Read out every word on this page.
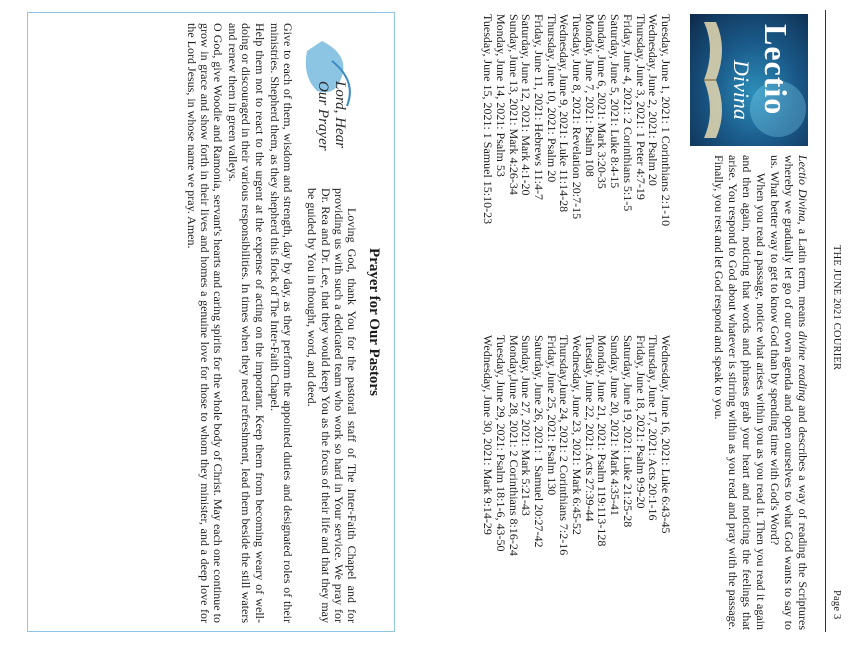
THE JUNE 2021 COURIER
Page 3
Lectio
Divina

Lectio Divina, a Latin term, means divine reading and describes a way of reading the Scriptures whereby we gradually let go of our own agenda and open ourselves to what God wants to say to us. What better way to get to know God than by spending time with God's Word?

When you read a passage, notice what arises within you as you read it. Then you read it again and then again, noticing that words and phrases grab your heart and noticing the feelings that arise. You respond to God about whatever is stirring within as you read and pray with the passage. Finally, you rest and let God respond and speak to you.

Tuesday, June 1, 2021: 1 Corinthians 2:1-10
Wednesday, June 2, 2021: Psalm 20
Thursday, June 3, 2021: 1 Peter 4:7-19
Friday, June 4, 2021: 2 Corinthians 5:1-5
Saturday, June 5, 2021: Luke 8:4-15
Sunday, June 6, 2021: Mark 3:20-35
Monday, June 7, 2021: Psalm 108
Tuesday, June 8, 2021: Revelation 20:7-15
Wednesday, June 9, 2021: Luke 11:14-28
Thursday, June 10, 2021: Psalm 20
Friday, June 11, 2021: Hebrews 11:4-7
Saturday, June 12, 2021: Mark 4:1-20
Sunday, June 13, 2021: Mark 4:26-34
Monday, June 14, 2021: Psalm 53
Tuesday, June 15, 2021: 1 Samuel 15:10-23
Wednesday, June 16, 2021: Luke 6:43-45
Thursday, June 17, 2021: Acts 20:1-16
Friday, June 18, 2021: Psalm 9:9-20
Saturday, June 19, 2021: Luke 21:25-28
Sunday, June 20, 2021: Mark 4:35-41
Monday, June 21, 2021: Psalm 119:113-128
Tuesday, June 22, 2021: Acts 27:39-44
Wednesday, June 23, 2021: Mark 6:45-52
Thursday,June 24, 2021: 2 Corinthians 7:2-16
Friday, June 25, 2021: Psalm 130
Saturday, June 26, 2021: 1 Samuel 20:27-42
Sunday, June 27, 2021: Mark 5:21-43
Monday,June 28, 2021: 2 Corinthians 8:16-24
Tuesday, June 29, 2021: Psalm 18:1-6, 43-50
Wednesday, June 30, 2021: Mark 9:14-29
Prayer for Our Pastors
Lord, Hear Our Prayer
Loving God, thank You for the pastoral staff of The Inter-Faith Chapel and for providing us with such a dedicated team who work so hard in Your service. We pray for Dr. Rea and Dr. Lee, that they would keep You as the focus of their life and that they may be guided by You in thought, word, and deed.

Give to each of them, wisdom and strength, day by day, as they perform the appointed duties and designated roles of their ministries. Shepherd them, as they shepherd this flock of The Inter-Faith Chapel.

Help them not to react to the urgent at the expense of acting on the important. Keep them from becoming weary of well-doing or discouraged in their various responsibilities. In times when they need refreshment, lead them beside the still waters and renew them in green valleys.

O God, give Woodie and Ramonia, servant's hearts and caring spirits for the whole body of Christ. May each one continue to grow in grace and show forth in their lives and homes a genuine love for those to whom they minister, and a deep love for the Lord Jesus, in whose name we pray. Amen.
